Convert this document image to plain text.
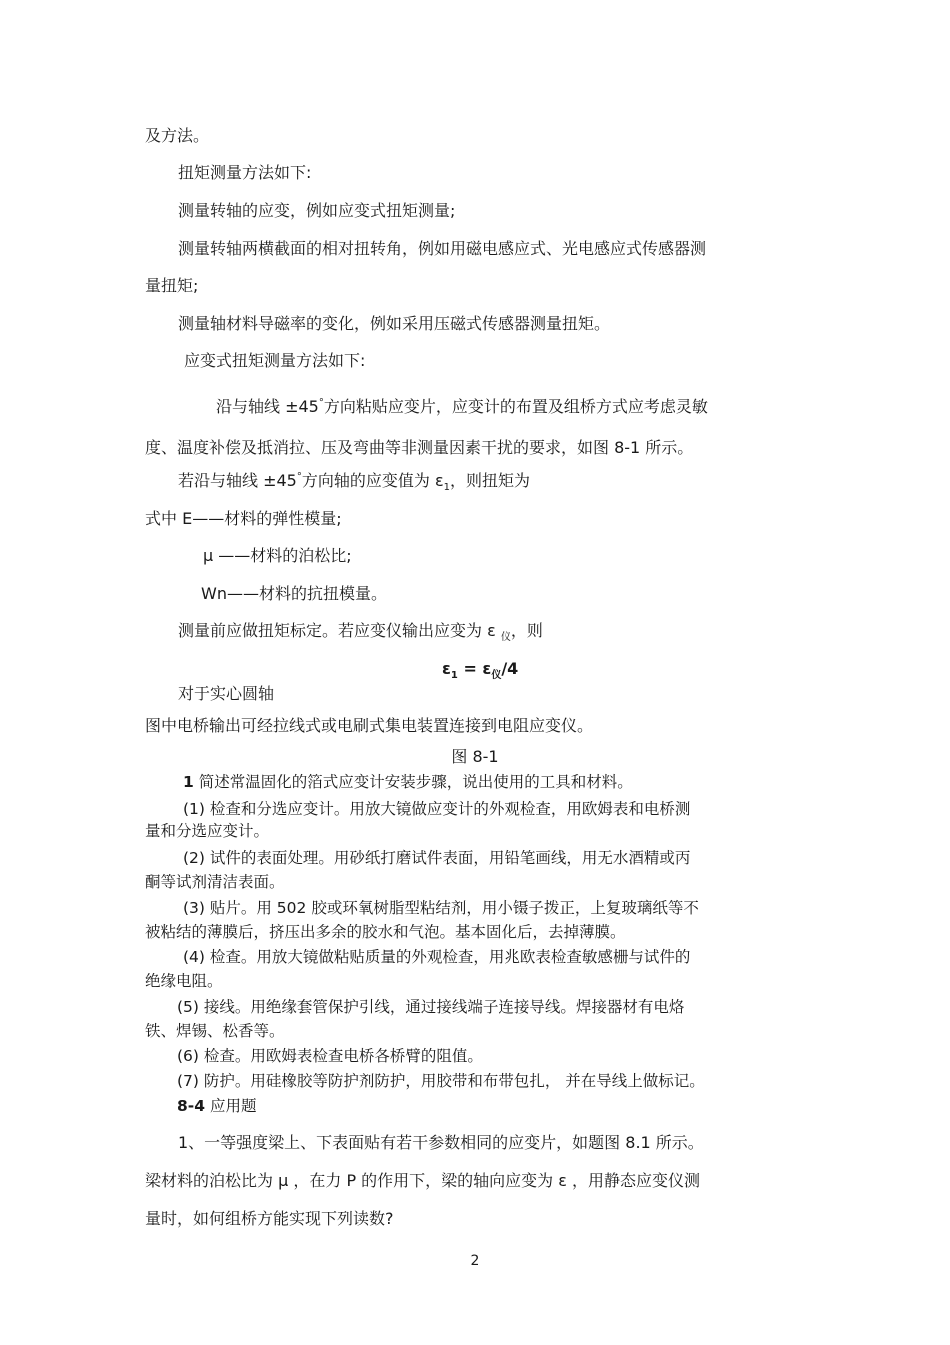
及方法。
扭矩测量方法如下:
测量转轴的应变，例如应变式扭矩测量;
测量转轴两横截面的相对扭转角，例如用磁电感应式、光电感应式传感器测
量扭矩;
测量轴材料导磁率的变化，例如采用压磁式传感器测量扭矩。
应变式扭矩测量方法如下:
沿与轴线 ±45°方向粘贴应变片，应变计的布置及组桥方式应考虑灵敏
度、温度补偿及抵消拉、压及弯曲等非测量因素干扰的要求，如图 8-1 所示。
若沿与轴线 ±45°方向轴的应变值为 $\varepsilon_1$，则扭矩为
式中 E——材料的弹性模量;
μ ——材料的泊松比;
Wn——材料的抗扭模量。
测量前应做扭矩标定。若应变仪输出应变为 ε $_仪$，则
$\varepsilon_1 = \varepsilon_仪/4$
对于实心圆轴
图中电桥输出可经拉线式或电刷式集电装置连接到电阻应变仪。
图 8-1
1 简述常温固化的箔式应变计安装步骤，说出使用的工具和材料。
(1) 检查和分选应变计。用放大镜做应变计的外观检查，用欧姆表和电桥测
量和分选应变计。
(2) 试件的表面处理。用砂纸打磨试件表面，用铅笔画线，用无水酒精或丙
酮等试剂清洁表面。
(3) 贴片。用 502 胶或环氧树脂型粘结剂，用小镊子拨正，上复玻璃纸等不
被粘结的薄膜后，挤压出多余的胶水和气泡。基本固化后，去掉薄膜。
(4) 检查。用放大镜做粘贴质量的外观检查，用兆欧表检查敏感栅与试件的
绝缘电阻。
(5) 接线。用绝缘套管保护引线，通过接线端子连接导线。焊接器材有电烙
铁、焊锡、松香等。
(6) 检查。用欧姆表检查电桥各桥臂的阻值。
(7) 防护。用硅橡胶等防护剂防护，用胶带和布带包扎， 并在导线上做标记。
8-4 应用题
1、一等强度梁上、下表面贴有若干参数相同的应变片，如题图 8.1 所示。
梁材料的泊松比为 μ ，在力 P 的作用下，梁的轴向应变为 ε ，用静态应变仪测
量时，如何组桥方能实现下列读数?
2
